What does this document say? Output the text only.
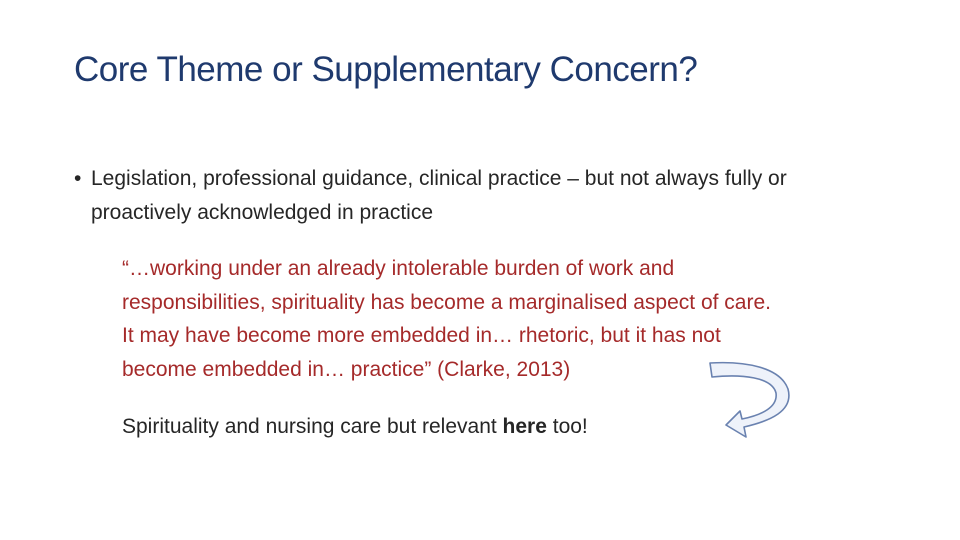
Core Theme or Supplementary Concern?
• Legislation, professional guidance, clinical practice – but not always fully or proactively acknowledged in practice
“…working under an already intolerable burden of work and
responsibilities, spirituality has become a marginalised aspect of care.
It may have become more embedded in… rhetoric, but it has not
become embedded in… practice” (Clarke, 2013)
Spirituality and nursing care but relevant here too!
